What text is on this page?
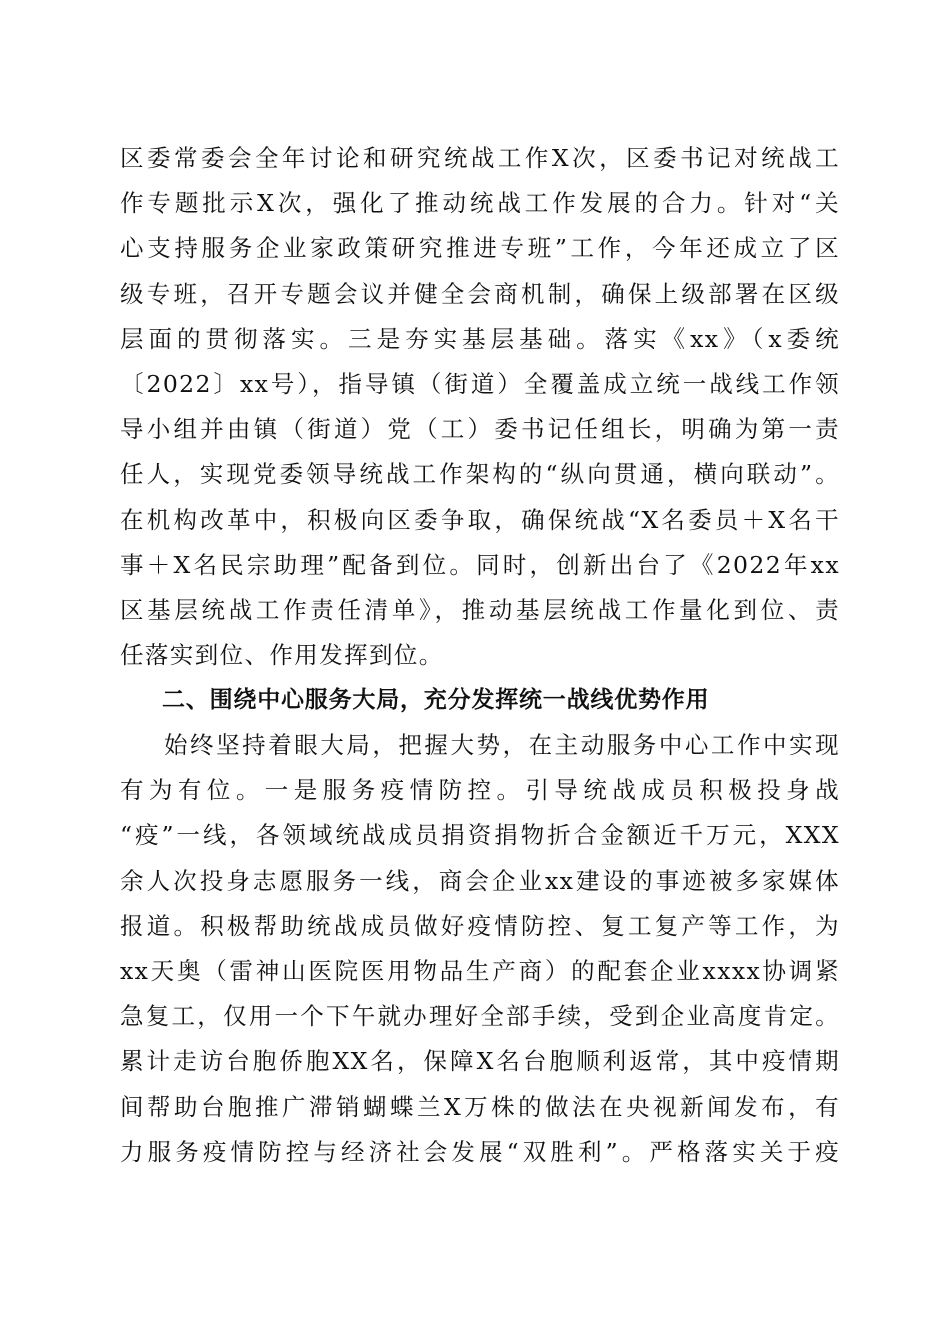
区委常委会全年讨论和研究统战工作X次，区委书记对统战工
作专题批示X次，强化了推动统战工作发展的合力。针对“关
心支持服务企业家政策研究推进专班”工作，今年还成立了区
级专班，召开专题会议并健全会商机制，确保上级部署在区级
层面的贯彻落实。三是夯实基层基础。落实《xx》（x委统
〔2022〕xx号），指导镇（街道）全覆盖成立统一战线工作领
导小组并由镇（街道）党（工）委书记任组长，明确为第一责
任人，实现党委领导统战工作架构的“纵向贯通，横向联动”。
在机构改革中，积极向区委争取，确保统战“X名委员＋X名干
事＋X名民宗助理”配备到位。同时，创新出台了《2022年xx
区基层统战工作责任清单》，推动基层统战工作量化到位、责
任落实到位、作用发挥到位。
二、围绕中心服务大局，充分发挥统一战线优势作用
始终坚持着眼大局，把握大势，在主动服务中心工作中实现
有为有位。一是服务疫情防控。引导统战成员积极投身战
“疫”一线，各领域统战成员捐资捐物折合金额近千万元，XXX
余人次投身志愿服务一线，商会企业xx建设的事迹被多家媒体
报道。积极帮助统战成员做好疫情防控、复工复产等工作，为
xx天奥（雷神山医院医用物品生产商）的配套企业xxxx协调紧
急复工，仅用一个下午就办理好全部手续，受到企业高度肯定。
累计走访台胞侨胞XX名，保障X名台胞顺利返常，其中疫情期
间帮助台胞推广滞销蝴蝶兰X万株的做法在央视新闻发布，有
力服务疫情防控与经济社会发展“双胜利”。严格落实关于疫
